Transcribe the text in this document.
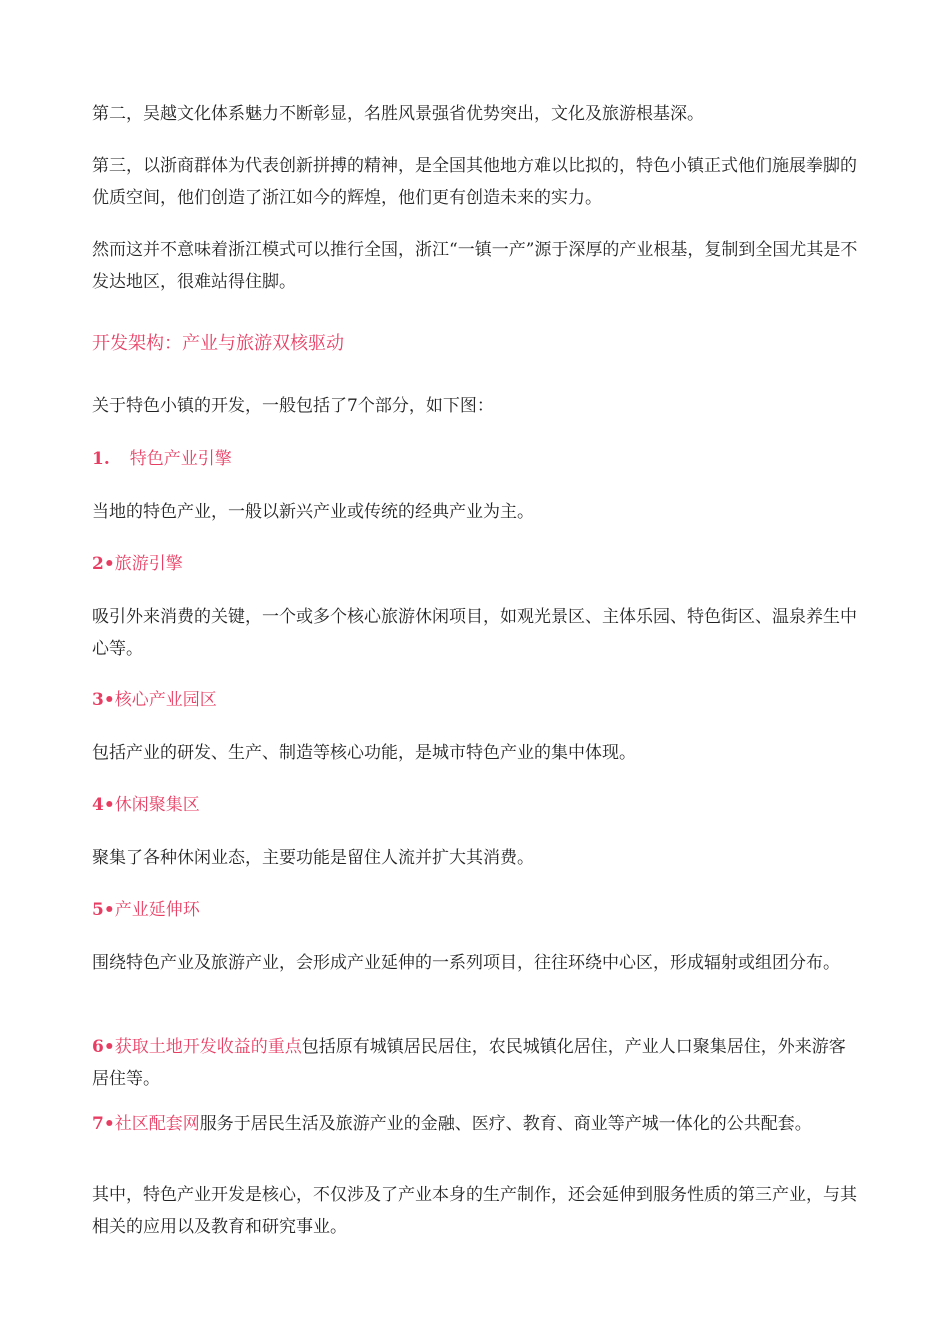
第二，吴越文化体系魅力不断彰显，名胜风景强省优势突出，文化及旅游根基深。

第三，以浙商群体为代表创新拼搏的精神，是全国其他地方难以比拟的，特色小镇正式他们施展拳脚的优质空间，他们创造了浙江如今的辉煌，他们更有创造未来的实力。

然而这并不意味着浙江模式可以推行全国，浙江“一镇一产”源于深厚的产业根基，复制到全国尤其是不发达地区，很难站得住脚。

开发架构：产业与旅游双核驱动

关于特色小镇的开发，一般包括了7个部分，如下图：

1. 特色产业引擎

当地的特色产业，一般以新兴产业或传统的经典产业为主。

2•旅游引擎

吸引外来消费的关键，一个或多个核心旅游休闲项目，如观光景区、主体乐园、特色街区、温泉养生中心等。

3•核心产业园区

包括产业的研发、生产、制造等核心功能，是城市特色产业的集中体现。

4•休闲聚集区

聚集了各种休闲业态，主要功能是留住人流并扩大其消费。

5•产业延伸环

围绕特色产业及旅游产业，会形成产业延伸的一系列项目，往往环绕中心区，形成辐射或组团分布。

6•获取土地开发收益的重点包括原有城镇居民居住，农民城镇化居住，产业人口聚集居住，外来游客居住等。

7•社区配套网服务于居民生活及旅游产业的金融、医疗、教育、商业等产城一体化的公共配套。

其中，特色产业开发是核心，不仅涉及了产业本身的生产制作，还会延伸到服务性质的第三产业，与其相关的应用以及教育和研究事业。
